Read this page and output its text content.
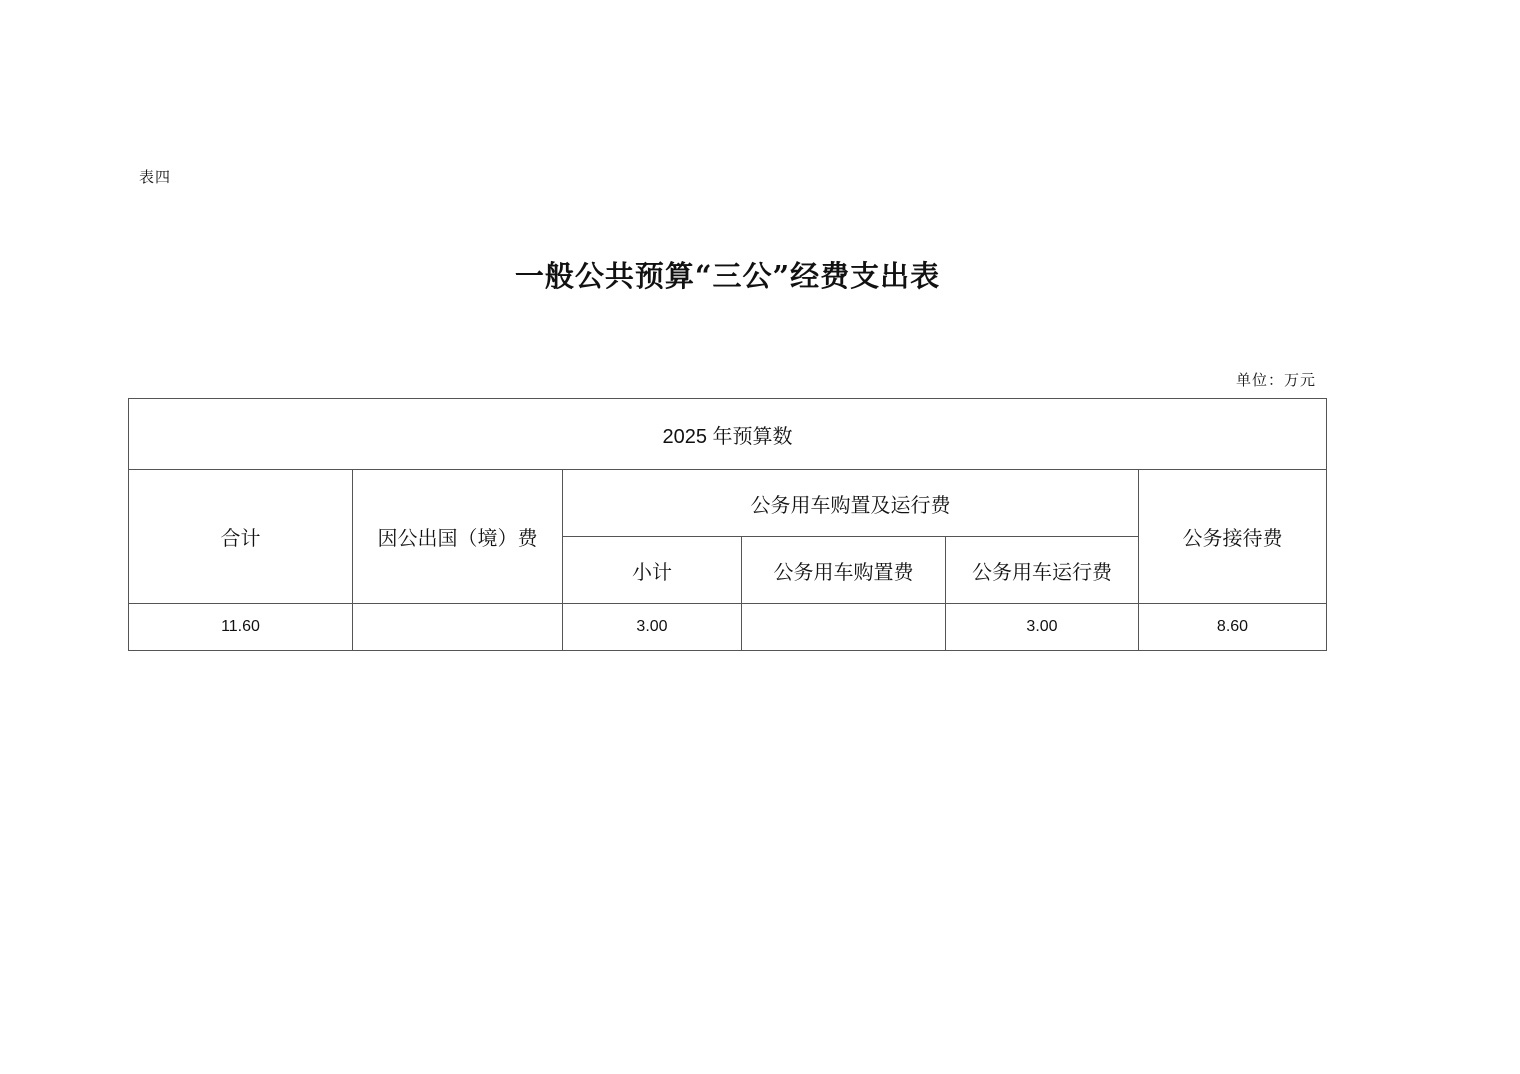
表四
一般公共预算“三公”经费支出表
单位：万元
2025 年预算数					
合计	因公出国（境）费	公务用车购置及运行费			公务接待费
		小计	公务用车购置费	公务用车运行费	
11.60		3.00		3.00	8.60
